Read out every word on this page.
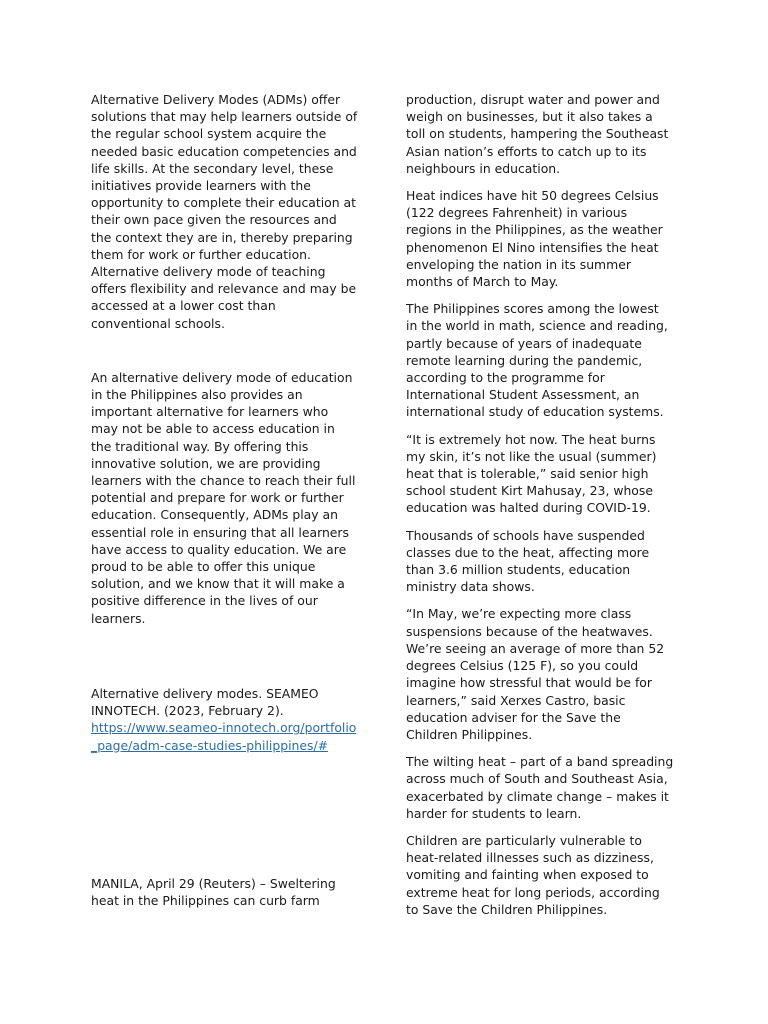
Alternative Delivery Modes (ADMs) offer
solutions that may help learners outside of
the regular school system acquire the
needed basic education competencies and
life skills. At the secondary level, these
initiatives provide learners with the
opportunity to complete their education at
their own pace given the resources and
the context they are in, thereby preparing
them for work or further education.
Alternative delivery mode of teaching
offers flexibility and relevance and may be
accessed at a lower cost than
conventional schools.

An alternative delivery mode of education
in the Philippines also provides an
important alternative for learners who
may not be able to access education in
the traditional way. By offering this
innovative solution, we are providing
learners with the chance to reach their full
potential and prepare for work or further
education. Consequently, ADMs play an
essential role in ensuring that all learners
have access to quality education. We are
proud to be able to offer this unique
solution, and we know that it will make a
positive difference in the lives of our
learners.

Alternative delivery modes. SEAMEO
INNOTECH. (2023, February 2).

https://www.seameo-innotech.org/portfolio
_page/adm-case-studies-philippines/#

MANILA, April 29 (Reuters) – Sweltering
heat in the Philippines can curb farm

production, disrupt water and power and
weigh on businesses, but it also takes a
toll on students, hampering the Southeast
Asian nation’s efforts to catch up to its
neighbours in education.

Heat indices have hit 50 degrees Celsius
(122 degrees Fahrenheit) in various
regions in the Philippines, as the weather
phenomenon El Nino intensifies the heat
enveloping the nation in its summer
months of March to May.

The Philippines scores among the lowest
in the world in math, science and reading,
partly because of years of inadequate
remote learning during the pandemic,
according to the programme for
International Student Assessment, an
international study of education systems.

“It is extremely hot now. The heat burns
my skin, it’s not like the usual (summer)
heat that is tolerable,” said senior high
school student Kirt Mahusay, 23, whose
education was halted during COVID-19.

Thousands of schools have suspended
classes due to the heat, affecting more
than 3.6 million students, education
ministry data shows.

“In May, we’re expecting more class
suspensions because of the heatwaves.
We’re seeing an average of more than 52
degrees Celsius (125 F), so you could
imagine how stressful that would be for
learners,” said Xerxes Castro, basic
education adviser for the Save the
Children Philippines.

The wilting heat – part of a band spreading
across much of South and Southeast Asia,
exacerbated by climate change – makes it
harder for students to learn.

Children are particularly vulnerable to
heat-related illnesses such as dizziness,
vomiting and fainting when exposed to
extreme heat for long periods, according
to Save the Children Philippines.
